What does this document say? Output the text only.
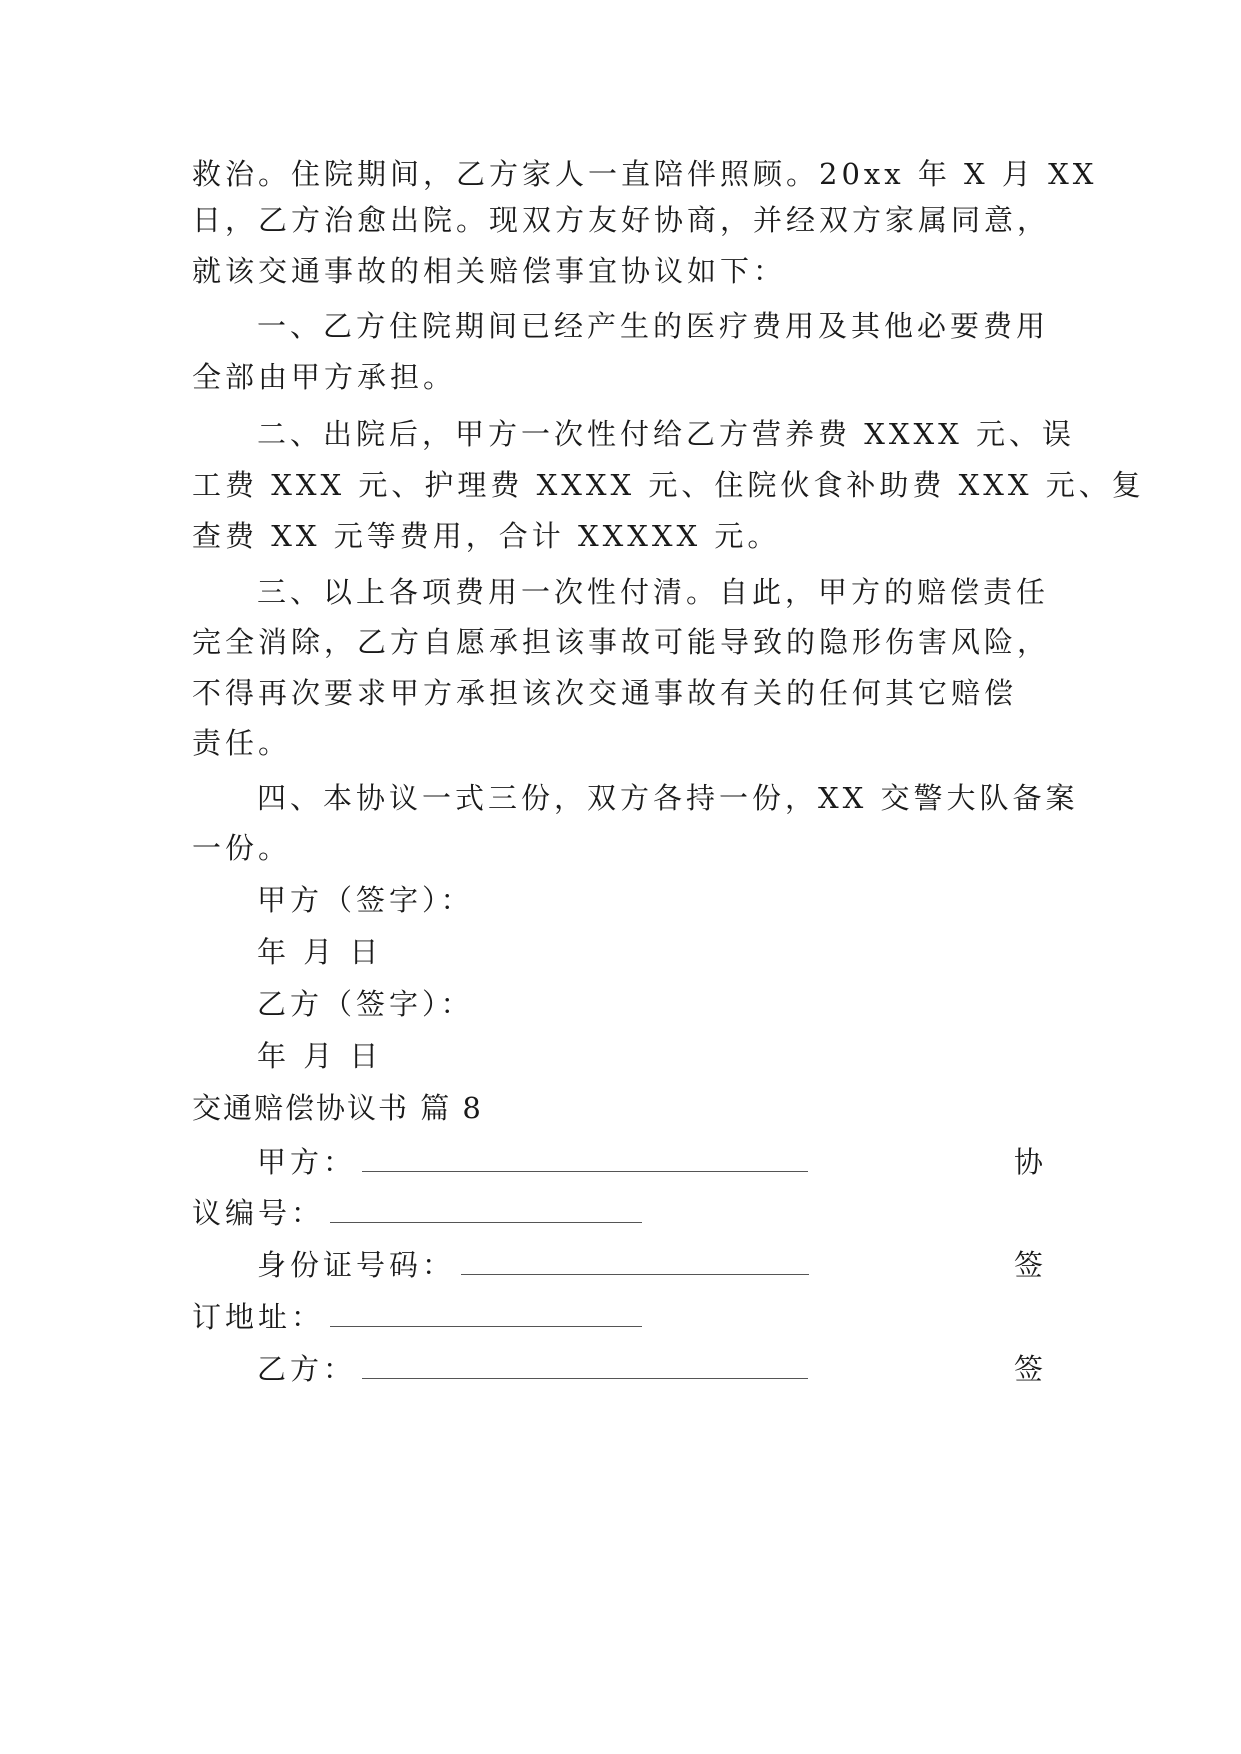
救治。住院期间，乙方家人一直陪伴照顾。20xx 年 X 月 XX
日，乙方治愈出院。现双方友好协商，并经双方家属同意，
就该交通事故的相关赔偿事宜协议如下：
一、乙方住院期间已经产生的医疗费用及其他必要费用
全部由甲方承担。
二、出院后，甲方一次性付给乙方营养费 XXXX 元、误
工费 XXX 元、护理费 XXXX 元、住院伙食补助费 XXX 元、复
查费 XX 元等费用，合计 XXXXX 元。
三、以上各项费用一次性付清。自此，甲方的赔偿责任
完全消除，乙方自愿承担该事故可能导致的隐形伤害风险，
不得再次要求甲方承担该次交通事故有关的任何其它赔偿
责任。
四、本协议一式三份，双方各持一份，XX 交警大队备案
一份。
甲方（签字）：
年 月 日
乙方（签字）：
年 月 日
交通赔偿协议书 篇 8
甲方：	协
议编号：
身份证号码：	签
订地址：
乙方：	签
